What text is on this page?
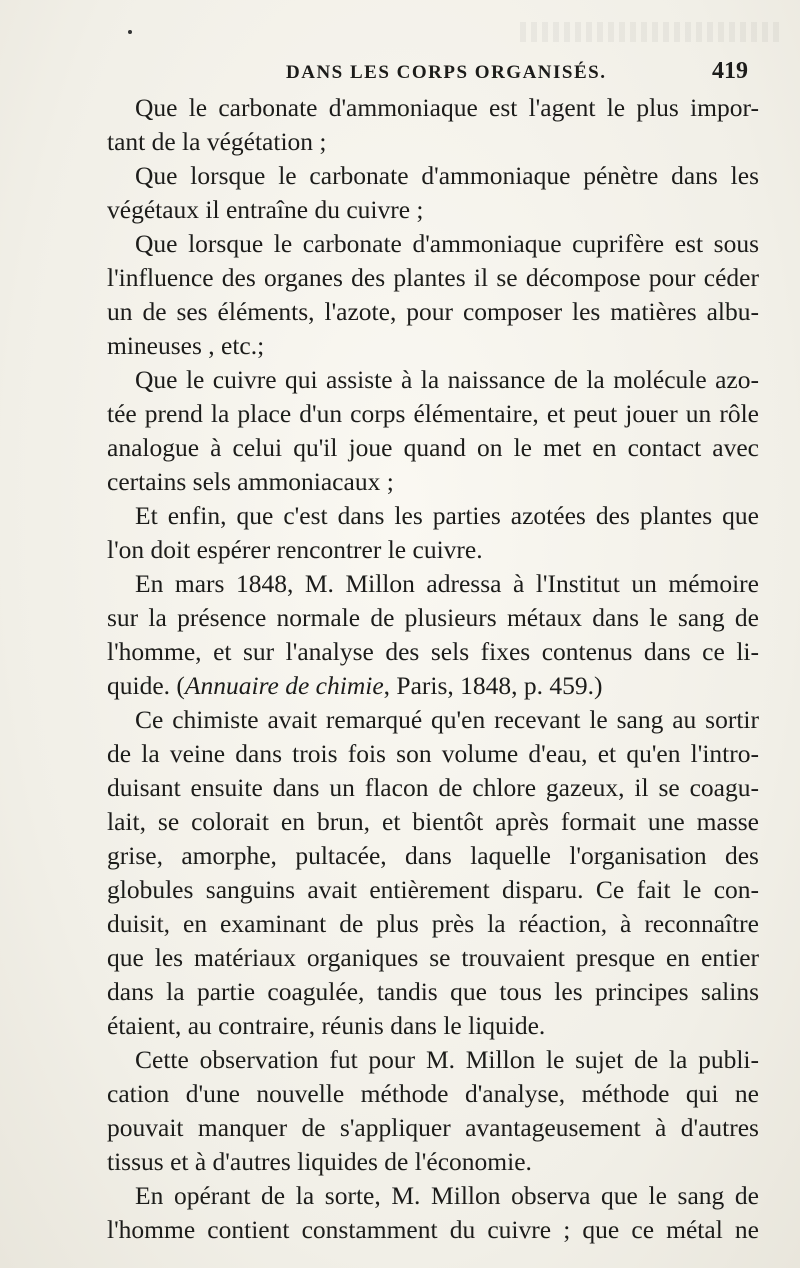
DANS LES CORPS ORGANISÉS.	419
Que le carbonate d'ammoniaque est l'agent le plus impor-
tant de la végétation ;
Que lorsque le carbonate d'ammoniaque pénètre dans les
végétaux il entraîne du cuivre ;
Que lorsque le carbonate d'ammoniaque cuprifère est sous
l'influence des organes des plantes il se décompose pour céder
un de ses éléments, l'azote, pour composer les matières albu-
mineuses , etc.;
Que le cuivre qui assiste à la naissance de la molécule azo-
tée prend la place d'un corps élémentaire, et peut jouer un rôle
analogue à celui qu'il joue quand on le met en contact avec
certains sels ammoniacaux ;
Et enfin, que c'est dans les parties azotées des plantes que
l'on doit espérer rencontrer le cuivre.
En mars 1848, M. Millon adressa à l'Institut un mémoire
sur la présence normale de plusieurs métaux dans le sang de
l'homme, et sur l'analyse des sels fixes contenus dans ce li-
quide. (Annuaire de chimie, Paris, 1848, p. 459.)
Ce chimiste avait remarqué qu'en recevant le sang au sortir
de la veine dans trois fois son volume d'eau, et qu'en l'intro-
duisant ensuite dans un flacon de chlore gazeux, il se coagu-
lait, se colorait en brun, et bientôt après formait une masse
grise, amorphe, pultacée, dans laquelle l'organisation des
globules sanguins avait entièrement disparu. Ce fait le con-
duisit, en examinant de plus près la réaction, à reconnaître
que les matériaux organiques se trouvaient presque en entier
dans la partie coagulée, tandis que tous les principes salins
étaient, au contraire, réunis dans le liquide.
Cette observation fut pour M. Millon le sujet de la publi-
cation d'une nouvelle méthode d'analyse, méthode qui ne
pouvait manquer de s'appliquer avantageusement à d'autres
tissus et à d'autres liquides de l'économie.
En opérant de la sorte, M. Millon observa que le sang de
l'homme contient constamment du cuivre ; que ce métal ne
